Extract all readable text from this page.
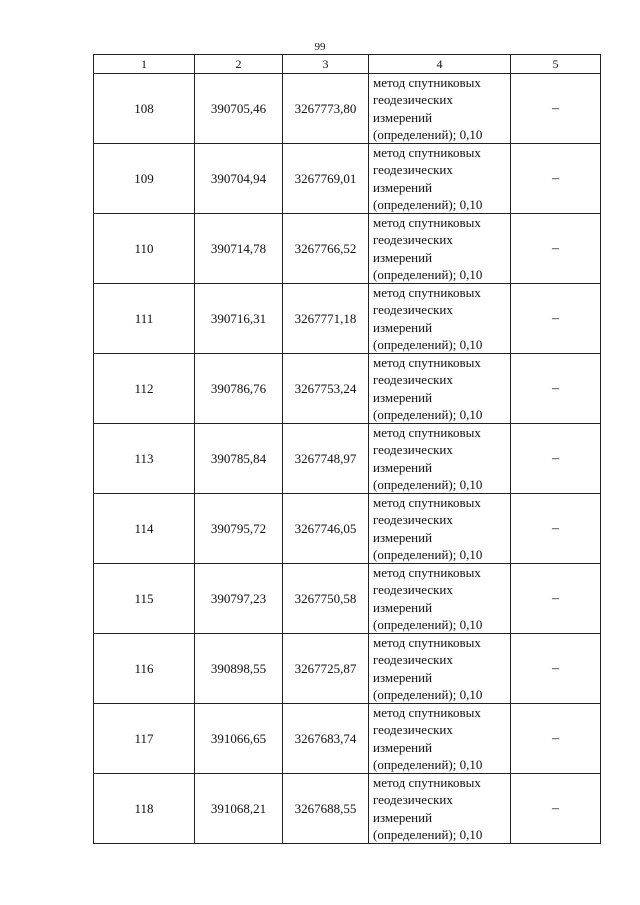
99
1	2	3	4	5
108	390705,46	3267773,80	метод спутниковых геодезических измерений (определений); 0,10	–
109	390704,94	3267769,01	метод спутниковых геодезических измерений (определений); 0,10	–
110	390714,78	3267766,52	метод спутниковых геодезических измерений (определений); 0,10	–
111	390716,31	3267771,18	метод спутниковых геодезических измерений (определений); 0,10	–
112	390786,76	3267753,24	метод спутниковых геодезических измерений (определений); 0,10	–
113	390785,84	3267748,97	метод спутниковых геодезических измерений (определений); 0,10	–
114	390795,72	3267746,05	метод спутниковых геодезических измерений (определений); 0,10	–
115	390797,23	3267750,58	метод спутниковых геодезических измерений (определений); 0,10	–
116	390898,55	3267725,87	метод спутниковых геодезических измерений (определений); 0,10	–
117	391066,65	3267683,74	метод спутниковых геодезических измерений (определений); 0,10	–
118	391068,21	3267688,55	метод спутниковых геодезических измерений (определений); 0,10	–
